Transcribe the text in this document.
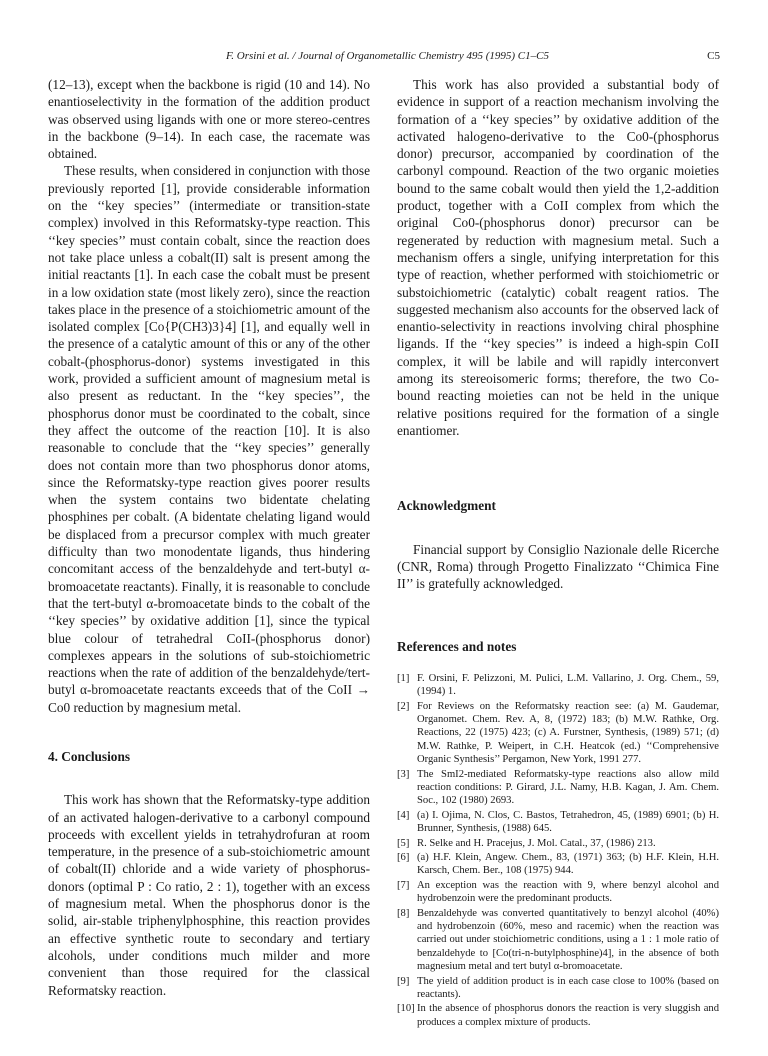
F. Orsini et al. / Journal of Organometallic Chemistry 495 (1995) C1–C5	C5

(12–13), except when the backbone is rigid (10 and 14). No enantioselectivity in the formation of the addition product was observed using ligands with one or more stereo-centres in the backbone (9–14). In each case, the racemate was obtained.

These results, when considered in conjunction with those previously reported [1], provide considerable information on the ‘‘key species’’ (intermediate or transition-state complex) involved in this Reformatsky-type reaction. This ‘‘key species’’ must contain cobalt, since the reaction does not take place unless a cobalt(II) salt is present among the initial reactants [1]. In each case the cobalt must be present in a low oxidation state (most likely zero), since the reaction takes place in the presence of a stoichiometric amount of the isolated complex [Co{P(CH3)3}4] [1], and equally well in the presence of a catalytic amount of this or any of the other cobalt-(phosphorus-donor) systems investigated in this work, provided a sufficient amount of magnesium metal is also present as reductant. In the ‘‘key species’’, the phosphorus donor must be coordinated to the cobalt, since they affect the outcome of the reaction [10]. It is also reasonable to conclude that the ‘‘key species’’ generally does not contain more than two phosphorus donor atoms, since the Reformatsky-type reaction gives poorer results when the system contains two bidentate chelating phosphines per cobalt. (A bidentate chelating ligand would be displaced from a precursor complex with much greater difficulty than two monodentate ligands, thus hindering concomitant access of the benzaldehyde and tert-butyl α-bromoacetate reactants). Finally, it is reasonable to conclude that the tert-butyl α-bromoacetate binds to the cobalt of the ‘‘key species’’ by oxidative addition [1], since the typical blue colour of tetrahedral CoII-(phosphorus donor) complexes appears in the solutions of sub-stoichiometric reactions when the rate of addition of the benzaldehyde/tert-butyl α-bromoacetate reactants exceeds that of the CoII → Co0 reduction by magnesium metal.

4. Conclusions

This work has shown that the Reformatsky-type addition of an activated halogen-derivative to a carbonyl compound proceeds with excellent yields in tetrahydrofuran at room temperature, in the presence of a sub-stoichiometric amount of cobalt(II) chloride and a wide variety of phosphorus-donors (optimal P : Co ratio, 2 : 1), together with an excess of magnesium metal. When the phosphorus donor is the solid, air-stable triphenylphosphine, this reaction provides an effective synthetic route to secondary and tertiary alcohols, under conditions much milder and more convenient than those required for the classical Reformatsky reaction.

This work has also provided a substantial body of evidence in support of a reaction mechanism involving the formation of a ‘‘key species’’ by oxidative addition of the activated halogeno-derivative to the Co0-(phosphorus donor) precursor, accompanied by coordination of the carbonyl compound. Reaction of the two organic moieties bound to the same cobalt would then yield the 1,2-addition product, together with a CoII complex from which the original Co0-(phosphorus donor) precursor can be regenerated by reduction with magnesium metal. Such a mechanism offers a single, unifying interpretation for this type of reaction, whether performed with stoichiometric or substoichiometric (catalytic) cobalt reagent ratios. The suggested mechanism also accounts for the observed lack of enantio-selectivity in reactions involving chiral phosphine ligands. If the ‘‘key species’’ is indeed a high-spin CoII complex, it will be labile and will rapidly interconvert among its stereoisomeric forms; therefore, the two Co-bound reacting moieties can not be held in the unique relative positions required for the formation of a single enantiomer.

Acknowledgment

Financial support by Consiglio Nazionale delle Ricerche (CNR, Roma) through Progetto Finalizzato ‘‘Chimica Fine II’’ is gratefully acknowledged.

References and notes
[1] F. Orsini, F. Pelizzoni, M. Pulici, L.M. Vallarino, J. Org. Chem., 59, (1994) 1.
[2] For Reviews on the Reformatsky reaction see: (a) M. Gaudemar, Organomet. Chem. Rev. A, 8, (1972) 183; (b) M.W. Rathke, Org. Reactions, 22 (1975) 423; (c) A. Furstner, Synthesis, (1989) 571; (d) M.W. Rathke, P. Weipert, in C.H. Heatcok (ed.) ‘‘Comprehensive Organic Synthesis’’ Pergamon, New York, 1991 277.
[3] The SmI2-mediated Reformatsky-type reactions also allow mild reaction conditions: P. Girard, J.L. Namy, H.B. Kagan, J. Am. Chem. Soc., 102 (1980) 2693.
[4] (a) I. Ojima, N. Clos, C. Bastos, Tetrahedron, 45, (1989) 6901; (b) H. Brunner, Synthesis, (1988) 645.
[5] R. Selke and H. Pracejus, J. Mol. Catal., 37, (1986) 213.
[6] (a) H.F. Klein, Angew. Chem., 83, (1971) 363; (b) H.F. Klein, H.H. Karsch, Chem. Ber., 108 (1975) 944.
[7] An exception was the reaction with 9, where benzyl alcohol and hydrobenzoin were the predominant products.
[8] Benzaldehyde was converted quantitatively to benzyl alcohol (40%) and hydrobenzoin (60%, meso and racemic) when the reaction was carried out under stoichiometric conditions, using a 1 : 1 mole ratio of benzaldehyde to [Co(tri-n-butylphosphine)4], in the absence of both magnesium metal and tert butyl α-bromoacetate.
[9] The yield of addition product is in each case close to 100% (based on reactants).
[10] In the absence of phosphorus donors the reaction is very sluggish and produces a complex mixture of products.
